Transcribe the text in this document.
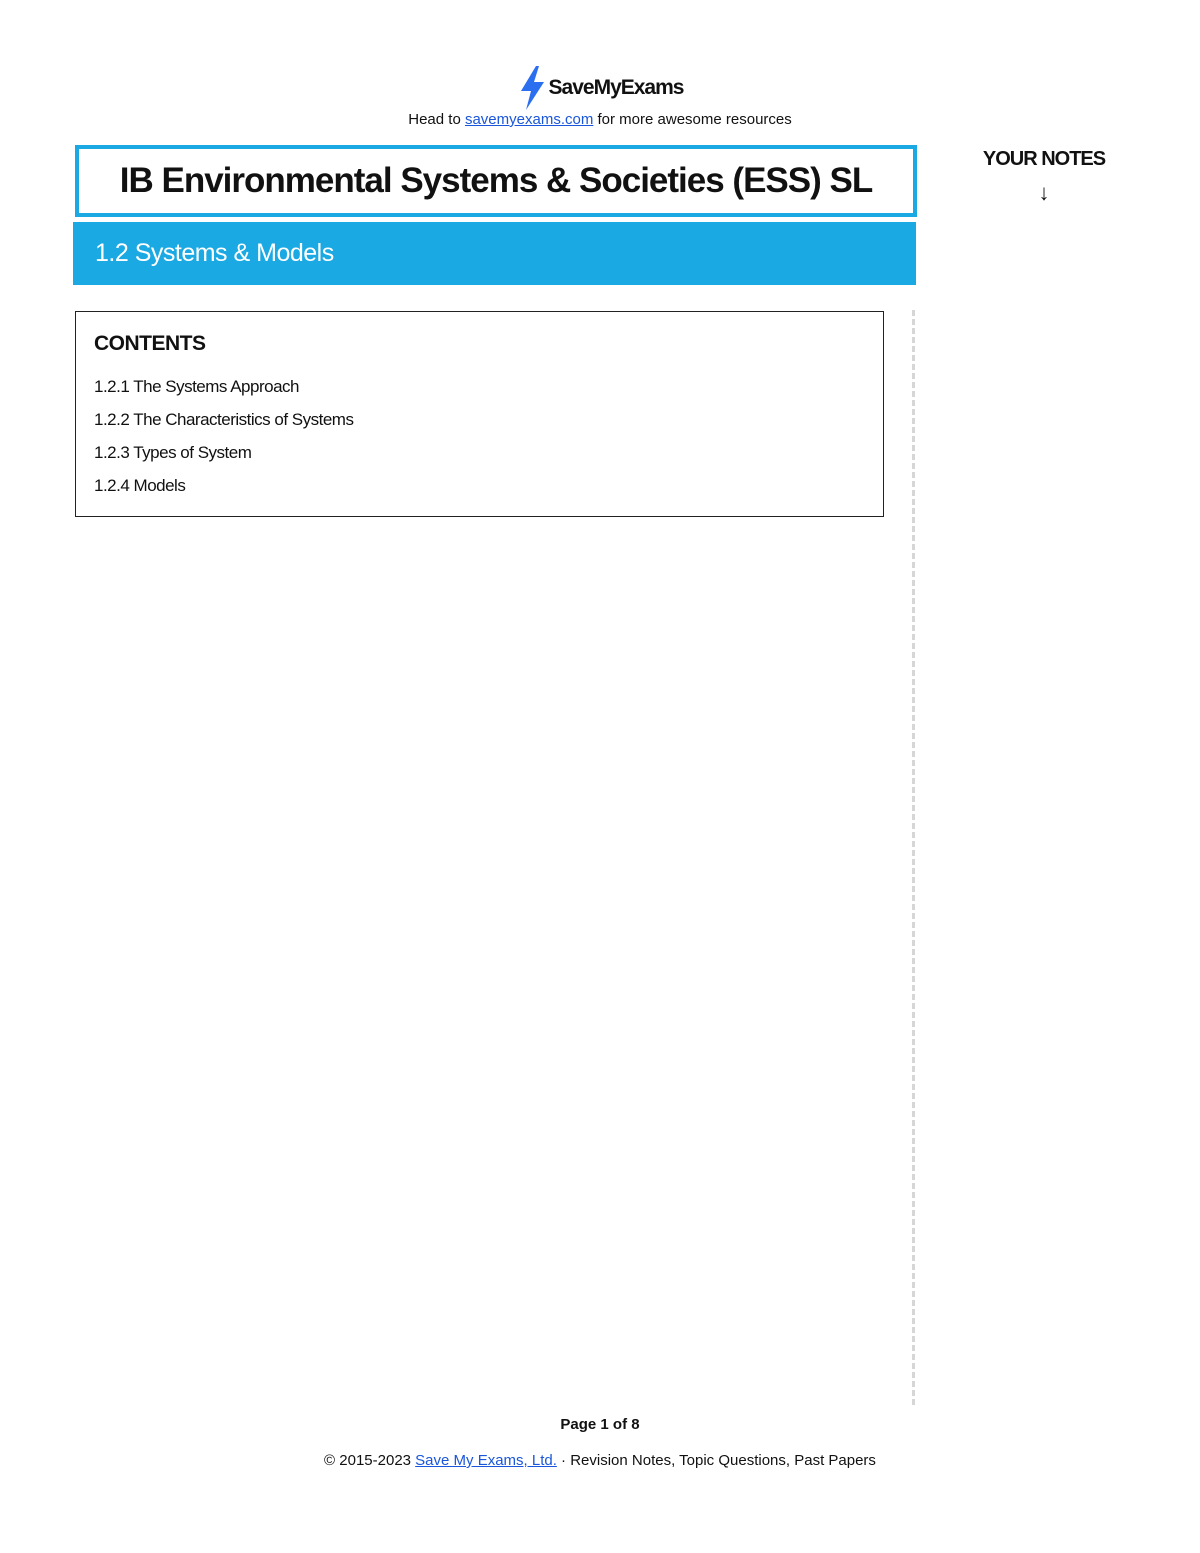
SaveMyExams
Head to savemyexams.com for more awesome resources
IB Environmental Systems & Societies (ESS) SL
1.2 Systems & Models
YOUR NOTES
↓
CONTENTS
1.2.1 The Systems Approach
1.2.2 The Characteristics of Systems
1.2.3 Types of System
1.2.4 Models
Page 1 of 8
© 2015-2023 Save My Exams, Ltd. · Revision Notes, Topic Questions, Past Papers
